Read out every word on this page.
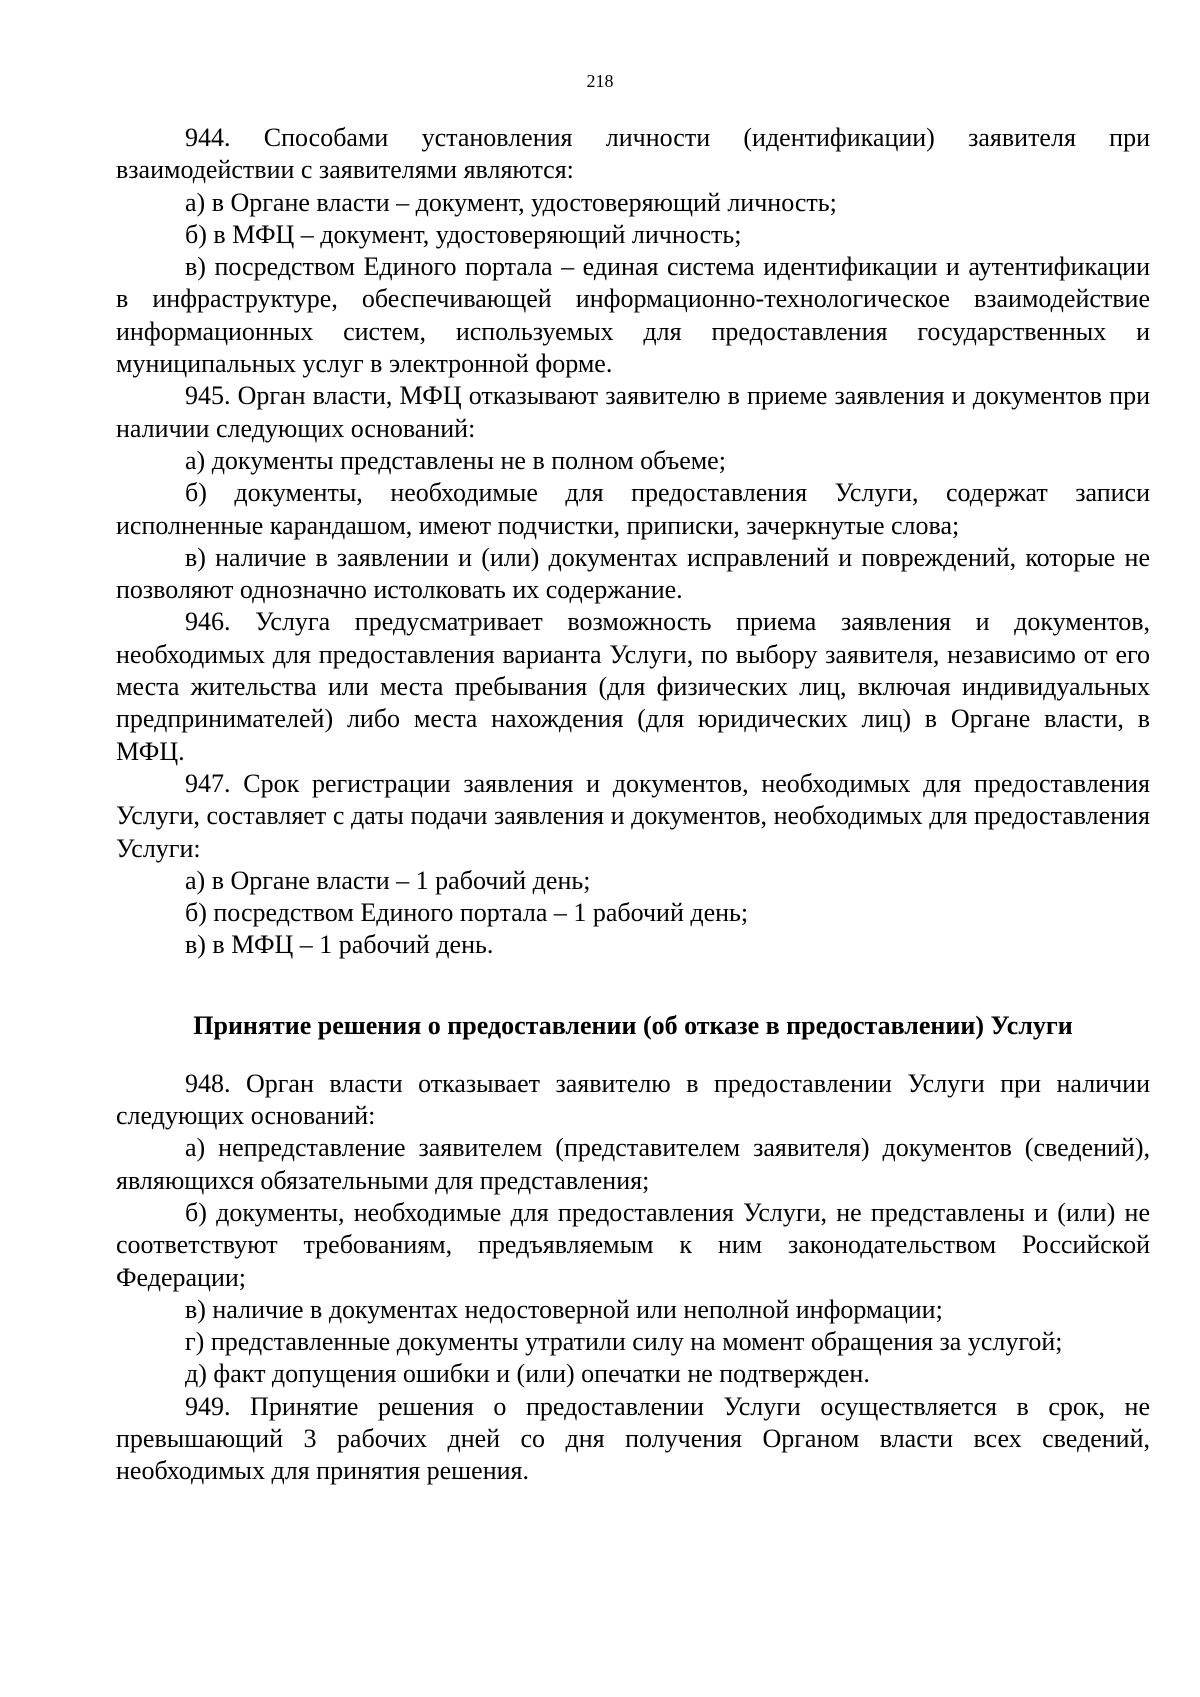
218

944. Способами установления личности (идентификации) заявителя при взаимодействии с заявителями являются:

а) в Органе власти – документ, удостоверяющий личность;

б) в МФЦ – документ, удостоверяющий личность;

в) посредством Единого портала – единая система идентификации и аутентификации в инфраструктуре, обеспечивающей информационно-технологическое взаимодействие информационных систем, используемых для предоставления государственных и муниципальных услуг в электронной форме.

945. Орган власти, МФЦ отказывают заявителю в приеме заявления и документов при наличии следующих оснований:

а) документы представлены не в полном объеме;

б) документы, необходимые для предоставления Услуги, содержат записи исполненные карандашом, имеют подчистки, приписки, зачеркнутые слова;

в) наличие в заявлении и (или) документах исправлений и повреждений, которые не позволяют однозначно истолковать их содержание.

946. Услуга предусматривает возможность приема заявления и документов, необходимых для предоставления варианта Услуги, по выбору заявителя, независимо от его места жительства или места пребывания (для физических лиц, включая индивидуальных предпринимателей) либо места нахождения (для юридических лиц) в Органе власти, в МФЦ.

947. Срок регистрации заявления и документов, необходимых для предоставления Услуги, составляет с даты подачи заявления и документов, необходимых для предоставления Услуги:

а) в Органе власти – 1 рабочий день;

б) посредством Единого портала – 1 рабочий день;

в) в МФЦ – 1 рабочий день.

Принятие решения о предоставлении (об отказе в предоставлении) Услуги

948. Орган власти отказывает заявителю в предоставлении Услуги при наличии следующих оснований:

а) непредставление заявителем (представителем заявителя) документов (сведений), являющихся обязательными для представления;

б) документы, необходимые для предоставления Услуги, не представлены и (или) не соответствуют требованиям, предъявляемым к ним законодательством Российской Федерации;

в) наличие в документах недостоверной или неполной информации;

г) представленные документы утратили силу на момент обращения за услугой;

д) факт допущения ошибки и (или) опечатки не подтвержден.

949. Принятие решения о предоставлении Услуги осуществляется в срок, не превышающий 3 рабочих дней со дня получения Органом власти всех сведений, необходимых для принятия решения.
